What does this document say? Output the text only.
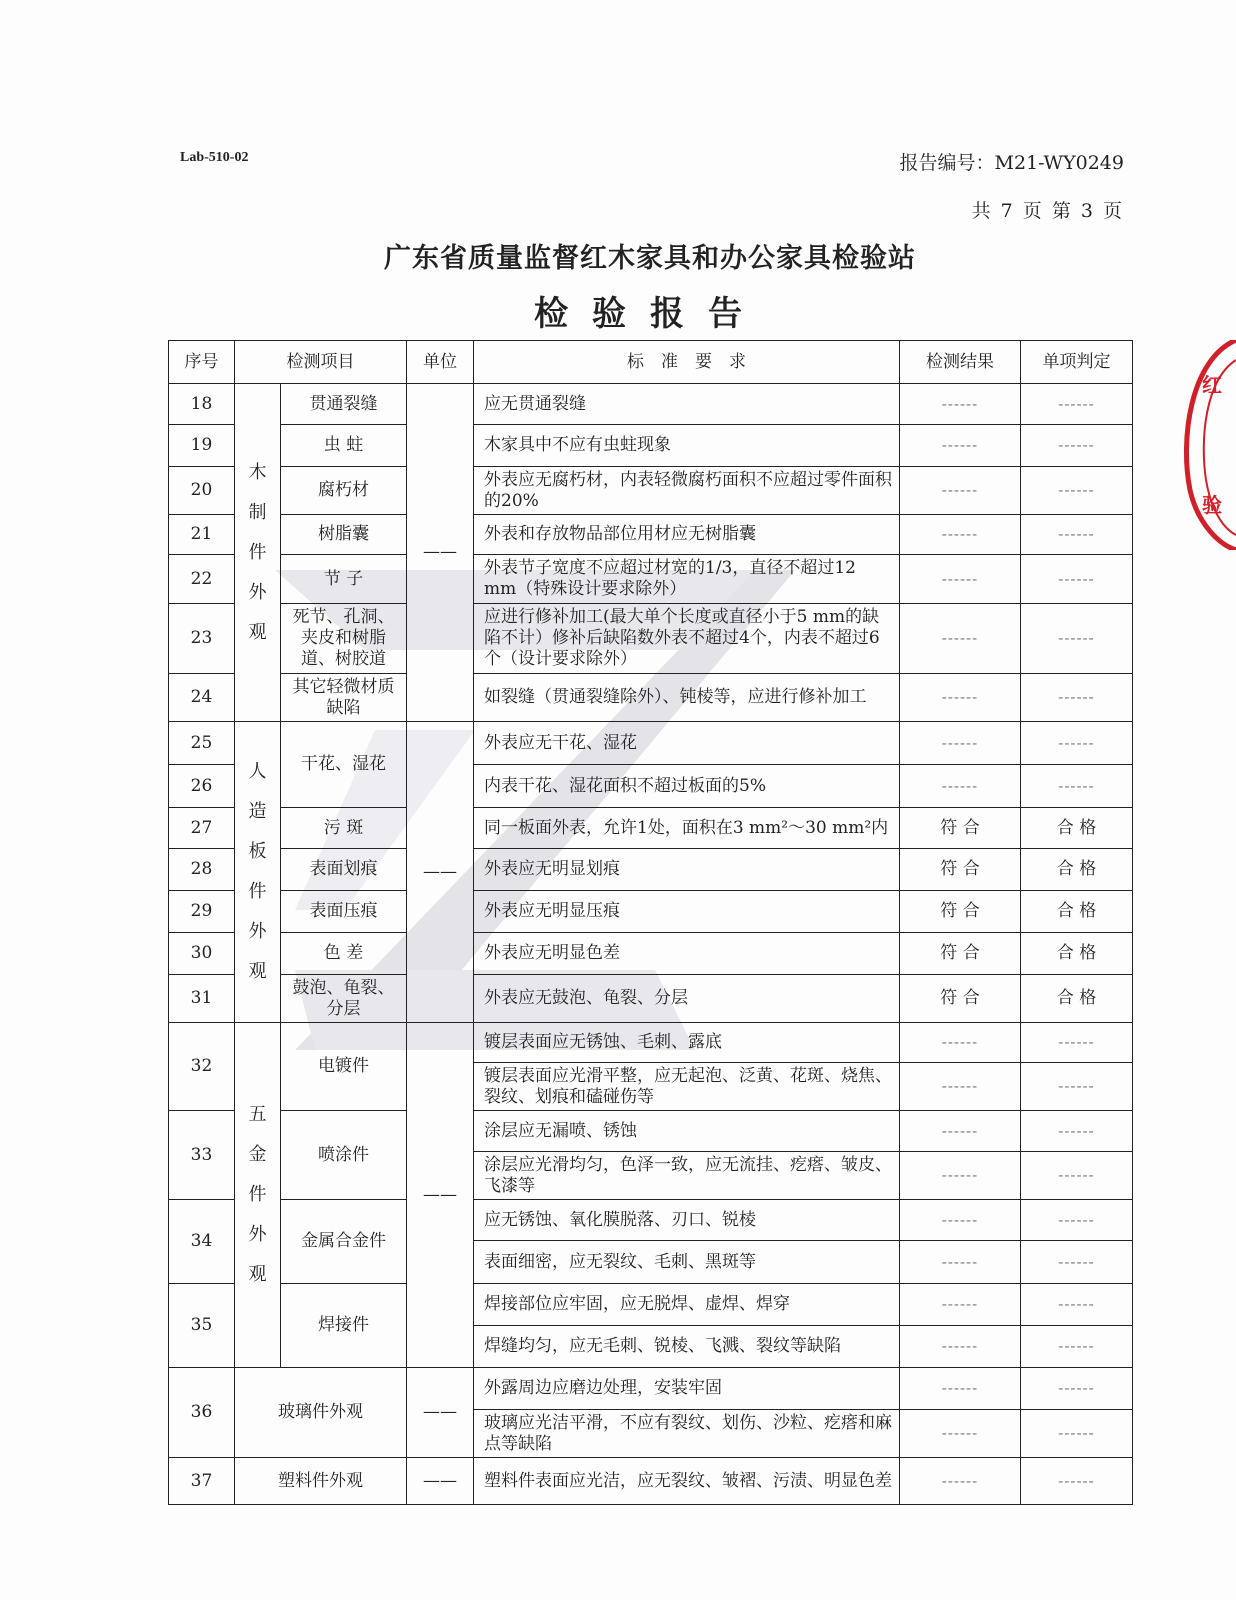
Lab-510-02	报告编号：M21-WY0249
共 7 页 第 3 页
广东省质量监督红木家具和办公家具检验站
检验报告
红
验
序号	检测项目		单位	标　准　要　求	检测结果	单项判定
18	木制件外观	贯通裂缝	——	应无贯通裂缝	------	------
19		虫 蛀		木家具中不应有虫蛀现象	------	------
20		腐朽材		外表应无腐朽材，内表轻微腐朽面积不应超过零件面积的20%	------	------
21		树脂囊		外表和存放物品部位用材应无树脂囊	------	------
22		节 子		外表节子宽度不应超过材宽的1/3，直径不超过12 mm（特殊设计要求除外）	------	------
23		死节、孔洞、夹皮和树脂道、树胶道		应进行修补加工(最大单个长度或直径小于5 mm的缺陷不计）修补后缺陷数外表不超过4个，内表不超过6个（设计要求除外）	------	------
24		其它轻微材质缺陷		如裂缝（贯通裂缝除外）、钝棱等，应进行修补加工	------	------
25	人造板件外观	干花、湿花	——	外表应无干花、湿花	------	------
26				内表干花、湿花面积不超过板面的5%	------	------
27		污 斑		同一板面外表，允许1处，面积在3 mm²～30 mm²内	符 合	合 格
28		表面划痕		外表应无明显划痕	符 合	合 格
29		表面压痕		外表应无明显压痕	符 合	合 格
30		色 差		外表应无明显色差	符 合	合 格
31		鼓泡、龟裂、分层		外表应无鼓泡、龟裂、分层	符 合	合 格
32	五金件外观	电镀件	——	镀层表面应无锈蚀、毛刺、露底	------	------
				镀层表面应光滑平整，应无起泡、泛黄、花斑、烧焦、裂纹、划痕和磕碰伤等	------	------
33		喷涂件		涂层应无漏喷、锈蚀	------	------
				涂层应光滑均匀，色泽一致，应无流挂、疙瘩、皱皮、飞漆等	------	------
34		金属合金件		应无锈蚀、氧化膜脱落、刃口、锐棱	------	------
				表面细密，应无裂纹、毛刺、黑斑等	------	------
35		焊接件		焊接部位应牢固，应无脱焊、虚焊、焊穿	------	------
				焊缝均匀，应无毛刺、锐棱、飞溅、裂纹等缺陷	------	------
36	玻璃件外观		——	外露周边应磨边处理，安装牢固	------	------
				玻璃应光洁平滑，不应有裂纹、划伤、沙粒、疙瘩和麻点等缺陷	------	------
37	塑料件外观		——	塑料件表面应光洁，应无裂纹、皱褶、污渍、明显色差	------	------
